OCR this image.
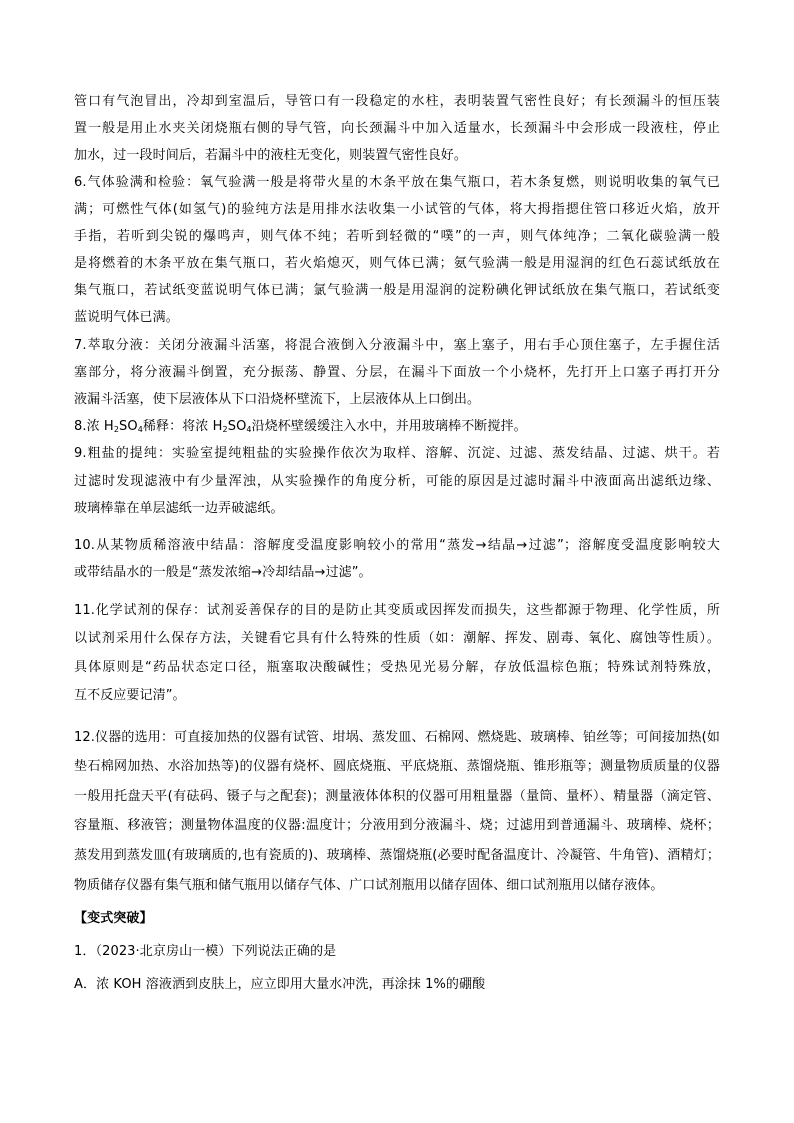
管口有气泡冒出，冷却到室温后，导管口有一段稳定的水柱，表明装置气密性良好；有长颈漏斗的恒压装
置一般是用止水夹关闭烧瓶右侧的导气管，向长颈漏斗中加入适量水，长颈漏斗中会形成一段液柱，停止
加水，过一段时间后，若漏斗中的液柱无变化，则装置气密性良好。
6.气体验满和检验：氧气验满一般是将带火星的木条平放在集气瓶口，若木条复燃，则说明收集的氧气已
满；可燃性气体(如氢气)的验纯方法是用排水法收集一小试管的气体，将大拇指摁住管口移近火焰，放开
手指，若听到尖锐的爆鸣声，则气体不纯；若听到轻微的“噗”的一声，则气体纯净；二氧化碳验满一般
是将燃着的木条平放在集气瓶口，若火焰熄灭，则气体已满；氨气验满一般是用湿润的红色石蕊试纸放在
集气瓶口，若试纸变蓝说明气体已满；氯气验满一般是用湿润的淀粉碘化钾试纸放在集气瓶口，若试纸变
蓝说明气体已满。
7.萃取分液：关闭分液漏斗活塞，将混合液倒入分液漏斗中，塞上塞子，用右手心顶住塞子，左手握住活
塞部分，将分液漏斗倒置，充分振荡、静置、分层，在漏斗下面放一个小烧杯，先打开上口塞子再打开分
液漏斗活塞，使下层液体从下口沿烧杯壁流下，上层液体从上口倒出。
8.浓 $H_2SO_4$稀释：将浓 $H_2SO_4$沿烧杯壁缓缓注入水中，并用玻璃棒不断搅拌。
9.粗盐的提纯：实验室提纯粗盐的实验操作依次为取样、溶解、沉淀、过滤、蒸发结晶、过滤、烘干。若
过滤时发现滤液中有少量浑浊，从实验操作的角度分析，可能的原因是过滤时漏斗中液面高出滤纸边缘、
玻璃棒靠在单层滤纸一边弄破滤纸。
10.从某物质稀溶液中结晶：溶解度受温度影响较小的常用“蒸发→结晶→过滤”；溶解度受温度影响较大
或带结晶水的一般是“蒸发浓缩→冷却结晶→过滤”。
11.化学试剂的保存：试剂妥善保存的目的是防止其变质或因挥发而损失，这些都源于物理、化学性质，所
以试剂采用什么保存方法，关键看它具有什么特殊的性质（如：潮解、挥发、剧毒、氧化、腐蚀等性质）。
具体原则是“药品状态定口径，瓶塞取决酸碱性；受热见光易分解，存放低温棕色瓶；特殊试剂特殊放，
互不反应要记清”。
12.仪器的选用：可直接加热的仪器有试管、坩埚、蒸发皿、石棉网、燃烧匙、玻璃棒、铂丝等；可间接加热(如
垫石棉网加热、水浴加热等)的仪器有烧杯、圆底烧瓶、平底烧瓶、蒸馏烧瓶、锥形瓶等；测量物质质量的仪器
一般用托盘天平(有砝码、镊子与之配套)；测量液体体积的仪器可用粗量器（量筒、量杯）、精量器（滴定管、
容量瓶、移液管；测量物体温度的仪器:温度计；分液用到分液漏斗、烧；过滤用到普通漏斗、玻璃棒、烧杯；
蒸发用到蒸发皿(有玻璃质的,也有瓷质的)、玻璃棒、蒸馏烧瓶(必要时配备温度计、冷凝管、牛角管)、酒精灯；
物质储存仪器有集气瓶和储气瓶用以储存气体、广口试剂瓶用以储存固体、细口试剂瓶用以储存液体。
【变式突破】
1．（2023·北京房山一模）下列说法正确的是
A．浓 KOH 溶液洒到皮肤上，应立即用大量水冲洗，再涂抹 1%的硼酸
